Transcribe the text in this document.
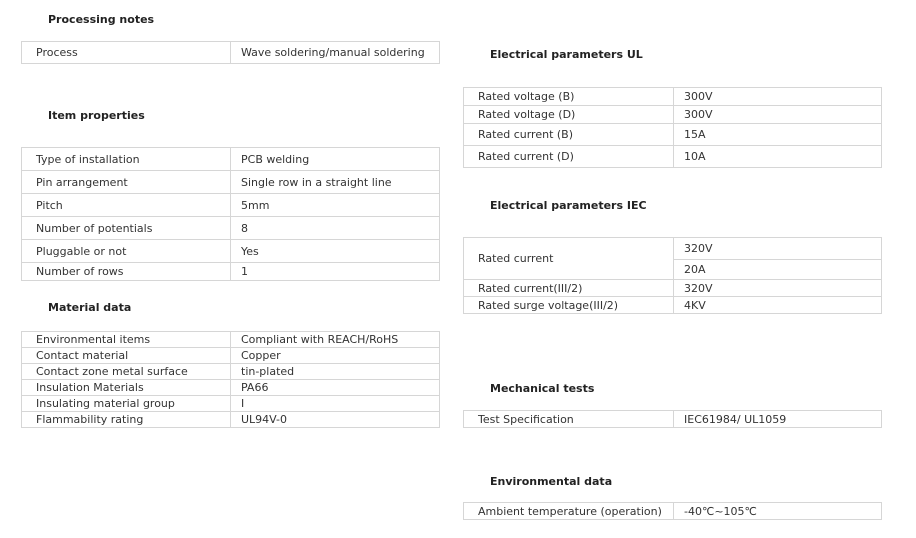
Processing notes
Process	Wave soldering/manual soldering
Item properties
Type of installation	PCB welding
Pin arrangement	Single row in a straight line
Pitch	5mm
Number of potentials	8
Pluggable or not	Yes
Number of rows	1
Material data
Environmental items	Compliant with REACH/RoHS
Contact material	Copper
Contact zone metal surface	tin-plated
Insulation Materials	PA66
Insulating material group	Ⅰ
Flammability rating	UL94V-0
Electrical parameters UL
Rated voltage (B)	300V
Rated voltage (D)	300V
Rated current (B)	15A
Rated current (D)	10A
Electrical parameters IEC
Rated current	320V
	20A
Rated current(III/2)	320V
Rated surge voltage(III/2)	4KV
Mechanical tests
Test Specification	IEC61984/ UL1059
Environmental data
Ambient temperature (operation)	-40℃~105℃
